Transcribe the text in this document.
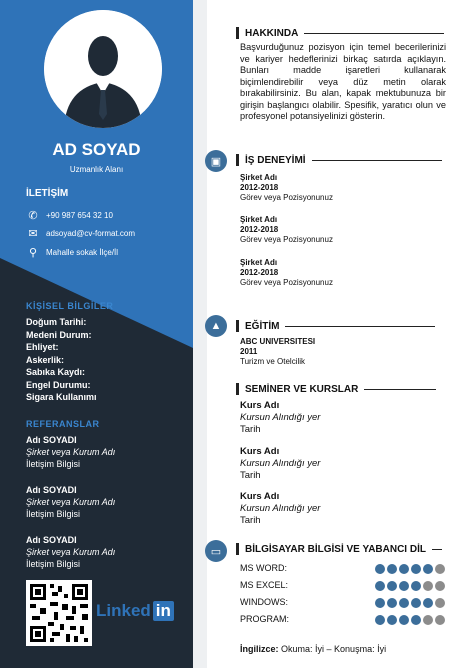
AD SOYAD
Uzmanlık Alanı
İLETİŞİM
✆ +90 987 654 32 10
✉ adsoyad@cv-format.com
⚲	Mahalle sokak İlçe/İl
KİŞİSEL BİLGİLER
Doğum Tarihi:
Medeni Durum:
Ehliyet:
Askerlik:
Sabıka Kaydı:
Engel Durumu:
Sigara Kullanımı
REFERANSLAR
Adı SOYADI
Şirket veya Kurum Adı
İletişim Bilgisi
Adı SOYADI
Şirket veya Kurum Adı
İletişim Bilgisi
Adı SOYADI
Şirket veya Kurum Adı
İletişim Bilgisi
Linked in
HAKKINDA
Başvurduğunuz pozisyon için temel becerilerinizi ve kariyer hedeflerinizi birkaç satırda açıklayın. Bunları madde işaretleri kullanarak biçimlendirebilir veya düz metin olarak bırakabilirsiniz. Bu alan, kapak mektubunuza bir girişin başlangıcı olabilir. Spesifik, yaratıcı olun ve profesyonel potansiyelinizi gösterin.
▣	İŞ DENEYİMİ
Şirket Adı
2012-2018
Görev veya Pozisyonunuz
Şirket Adı
2012-2018
Görev veya Pozisyonunuz
Şirket Adı
2012-2018
Görev veya Pozisyonunuz
▲	EĞİTİM
ABC UNIVERSITESI
2011
Turizm ve Otelcilik
SEMİNER VE KURSLAR
Kurs Adı
Kursun Alındığı yer
Tarih
Kurs Adı
Kursun Alındığı yer
Tarih
Kurs Adı
Kursun Alındığı yer
Tarih
▭	BİLGİSAYAR BİLGİSİ VE YABANCI DİL
MS WORD:
MS EXCEL:
WINDOWS:
PROGRAM:
İngilizce: Okuma: İyi – Konuşma: İyi
